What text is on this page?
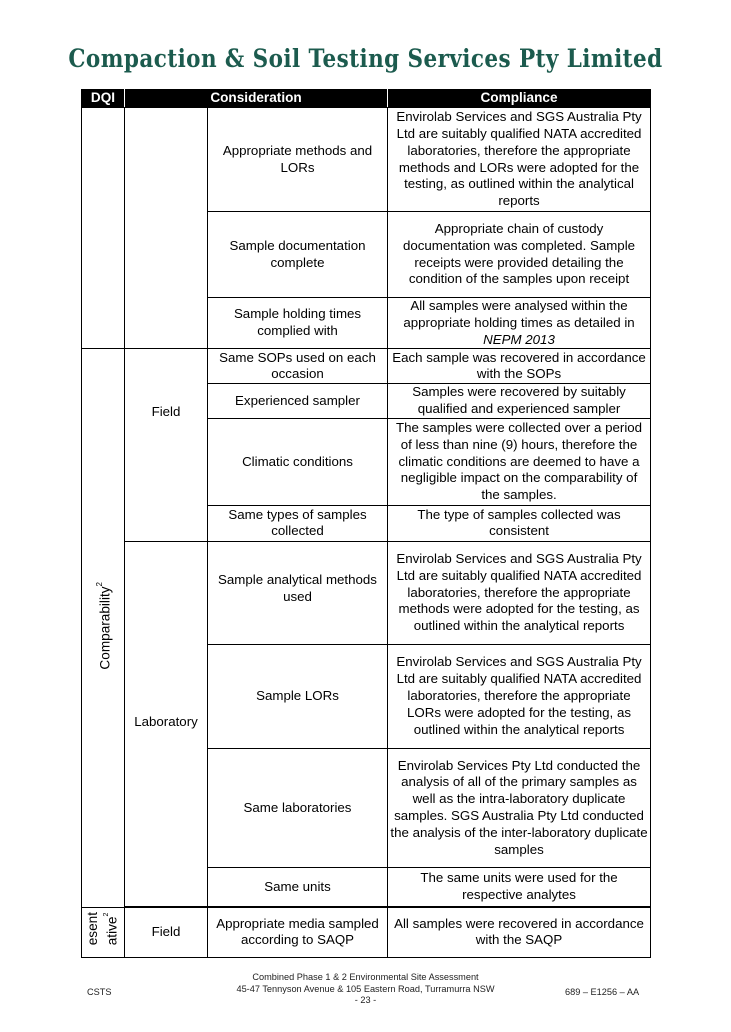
Compaction & Soil Testing Services Pty Limited
DQI	Consideration		Compliance
		Appropriate methods and LORs	Envirolab Services and SGS Australia Pty Ltd are suitably qualified NATA accredited laboratories, therefore the appropriate methods and LORs were adopted for the testing, as outlined within the analytical reports
		Sample documentation complete	Appropriate chain of custody documentation was completed. Sample receipts were provided detailing the condition of the samples upon receipt
		Sample holding times complied with	All samples were analysed within the appropriate holding times as detailed in NEPM 2013
Comparability$^2$	Field	Same SOPs used on each occasion	Each sample was recovered in accordance with the SOPs
		Experienced sampler	Samples were recovered by suitably qualified and experienced sampler
		Climatic conditions	The samples were collected over a period of less than nine (9) hours, therefore the climatic conditions are deemed to have a negligible impact on the comparability of the samples.
		Same types of samples collected	The type of samples collected was consistent
	Laboratory	Sample analytical methods used	Envirolab Services and SGS Australia Pty Ltd are suitably qualified NATA accredited laboratories, therefore the appropriate methods were adopted for the testing, as outlined within the analytical reports
		Sample LORs	Envirolab Services and SGS Australia Pty Ltd are suitably qualified NATA accredited laboratories, therefore the appropriate LORs were adopted for the testing, as outlined within the analytical reports
		Same laboratories	Envirolab Services Pty Ltd conducted the analysis of all of the primary samples as well as the intra-laboratory duplicate samples. SGS Australia Pty Ltd conducted the analysis of the inter-laboratory duplicate samples
		Same units	The same units were used for the respective analytes

esent ative$^2$	Field	Appropriate media sampled according to SAQP	All samples were recovered in accordance with the SAQP
Combined Phase 1 & 2 Environmental Site Assessment
45-47 Tennyson Avenue & 105 Eastern Road, Turramurra NSW
- 23 -
CSTS	689 – E1256 – AA
